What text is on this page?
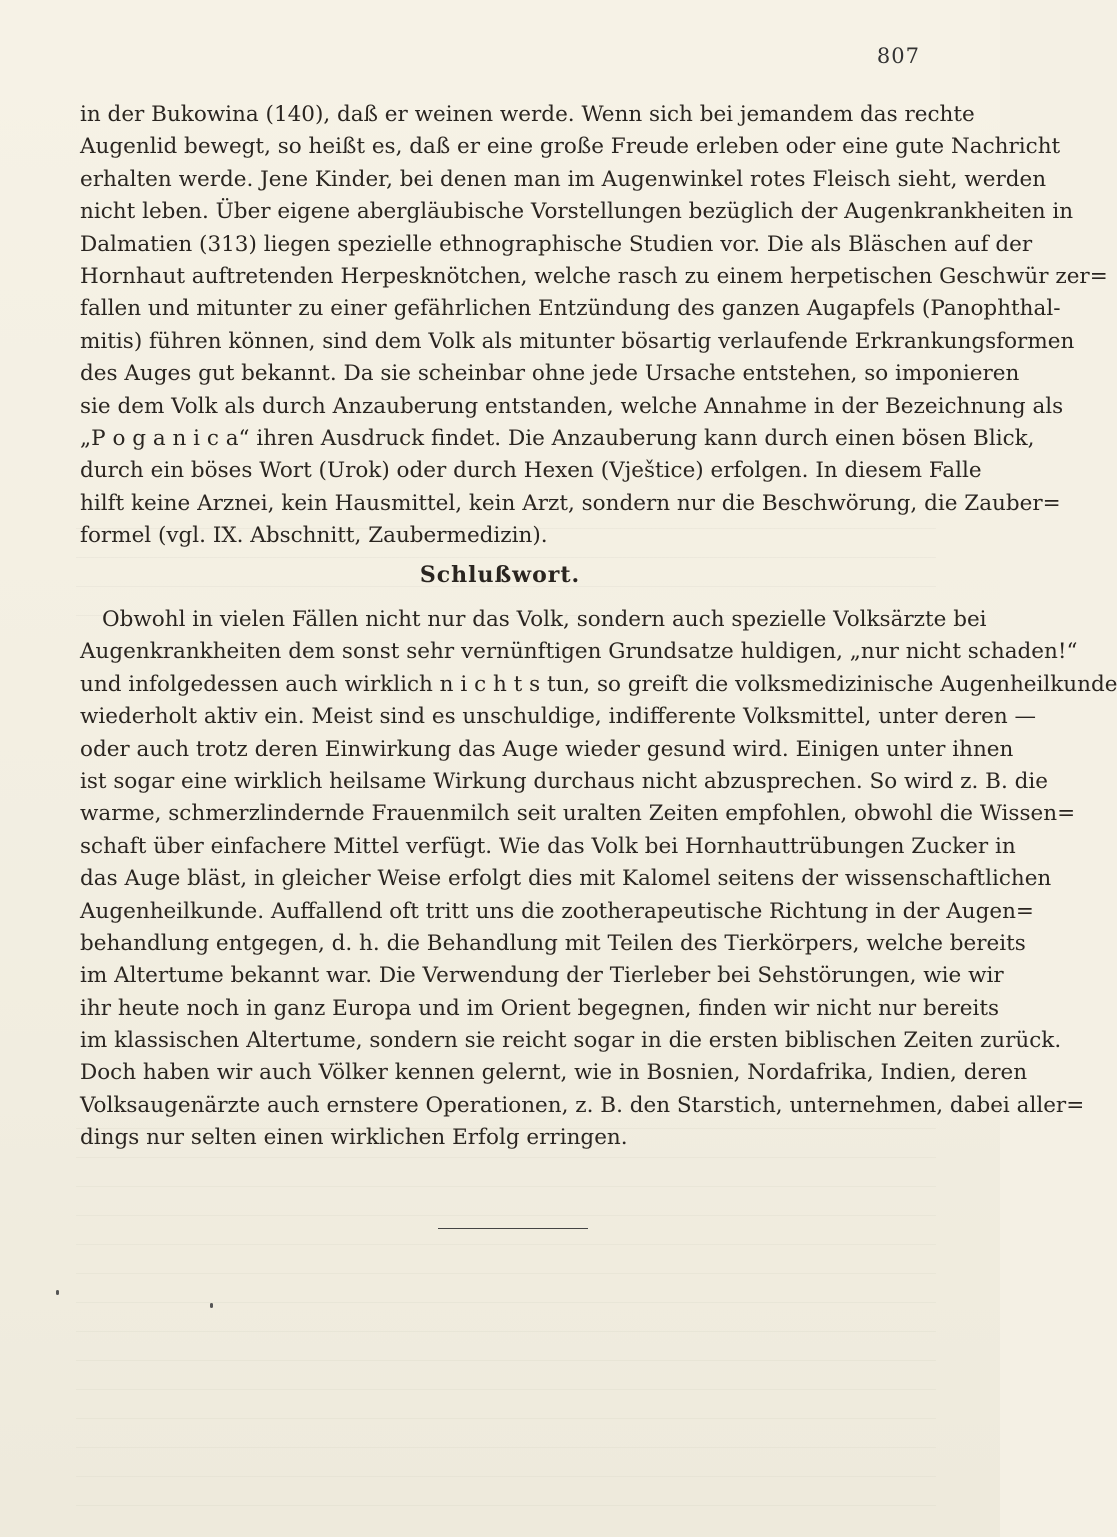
807
in der Bukowina (140), daß er weinen werde. Wenn sich bei jemandem das rechte
Augenlid bewegt, so heißt es, daß er eine große Freude erleben oder eine gute Nachricht
erhalten werde. Jene Kinder, bei denen man im Augenwinkel rotes Fleisch sieht, werden
nicht leben. Über eigene abergläubische Vorstellungen bezüglich der Augenkrankheiten in
Dalmatien (313) liegen spezielle ethnographische Studien vor. Die als Bläschen auf der
Hornhaut auftretenden Herpesknötchen, welche rasch zu einem herpetischen Geschwür zer=
fallen und mitunter zu einer gefährlichen Entzündung des ganzen Augapfels (Panophthal-
mitis) führen können, sind dem Volk als mitunter bösartig verlaufende Erkrankungsformen
des Auges gut bekannt. Da sie scheinbar ohne jede Ursache entstehen, so imponieren
sie dem Volk als durch Anzauberung entstanden, welche Annahme in der Bezeichnung als
„P o g a n i c a“ ihren Ausdruck findet. Die Anzauberung kann durch einen bösen Blick,
durch ein böses Wort (Urok) oder durch Hexen (Vještice) erfolgen. In diesem Falle
hilft keine Arznei, kein Hausmittel, kein Arzt, sondern nur die Beschwörung, die Zauber=
formel (vgl. IX. Abschnitt, Zaubermedizin).
Schlußwort.
Obwohl in vielen Fällen nicht nur das Volk, sondern auch spezielle Volksärzte bei
Augenkrankheiten dem sonst sehr vernünftigen Grundsatze huldigen, „nur nicht schaden!“
und infolgedessen auch wirklich n i c h t s tun, so greift die volksmedizinische Augenheilkunde
wiederholt aktiv ein. Meist sind es unschuldige, indifferente Volksmittel, unter deren —
oder auch trotz deren Einwirkung das Auge wieder gesund wird. Einigen unter ihnen
ist sogar eine wirklich heilsame Wirkung durchaus nicht abzusprechen. So wird z. B. die
warme, schmerzlindernde Frauenmilch seit uralten Zeiten empfohlen, obwohl die Wissen=
schaft über einfachere Mittel verfügt. Wie das Volk bei Hornhauttrübungen Zucker in
das Auge bläst, in gleicher Weise erfolgt dies mit Kalomel seitens der wissenschaftlichen
Augenheilkunde. Auffallend oft tritt uns die zootherapeutische Richtung in der Augen=
behandlung entgegen, d. h. die Behandlung mit Teilen des Tierkörpers, welche bereits
im Altertume bekannt war. Die Verwendung der Tierleber bei Sehstörungen, wie wir
ihr heute noch in ganz Europa und im Orient begegnen, finden wir nicht nur bereits
im klassischen Altertume, sondern sie reicht sogar in die ersten biblischen Zeiten zurück.
Doch haben wir auch Völker kennen gelernt, wie in Bosnien, Nordafrika, Indien, deren
Volksaugenärzte auch ernstere Operationen, z. B. den Starstich, unternehmen, dabei aller=
dings nur selten einen wirklichen Erfolg erringen.
